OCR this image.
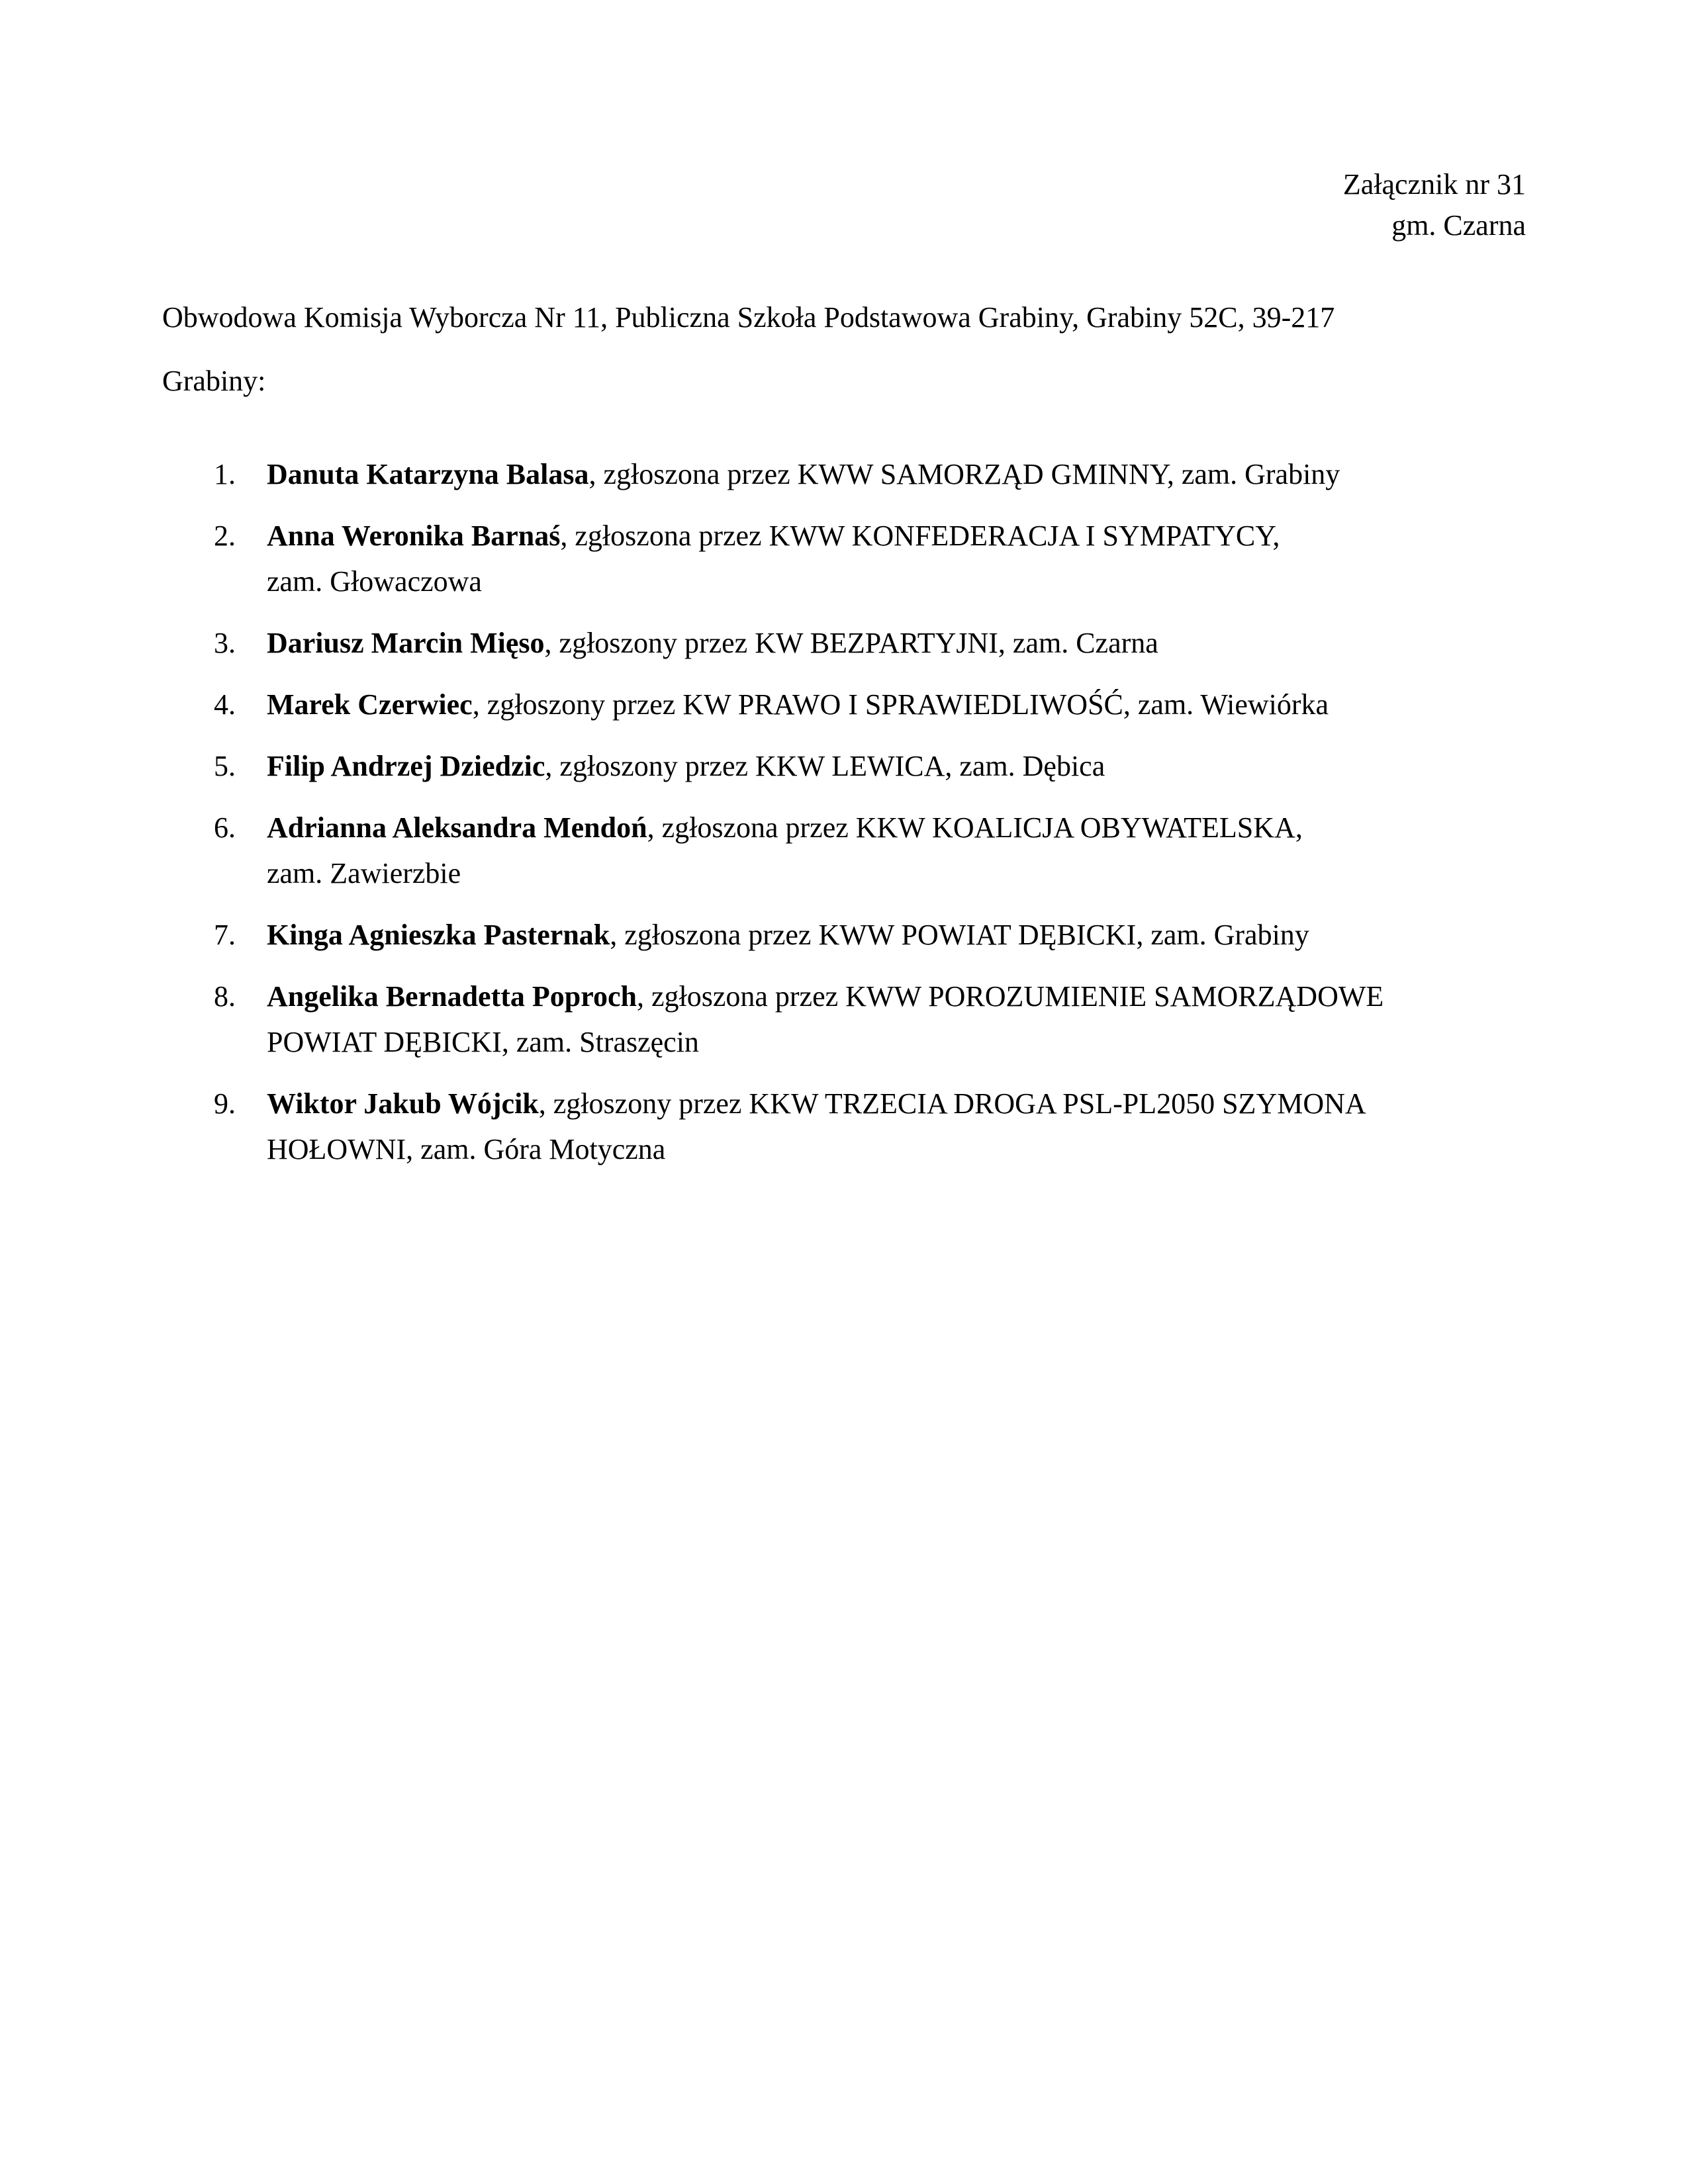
Załącznik nr 31
gm. Czarna
Obwodowa Komisja Wyborcza Nr 11, Publiczna Szkoła Podstawowa Grabiny, Grabiny 52C, 39-217
Grabiny:
1. Danuta Katarzyna Balasa, zgłoszona przez KWW SAMORZĄD GMINNY, zam. Grabiny
2. Anna Weronika Barnaś, zgłoszona przez KWW KONFEDERACJA I SYMPATYCY,
zam. Głowaczowa
3. Dariusz Marcin Mięso, zgłoszony przez KW BEZPARTYJNI, zam. Czarna
4. Marek Czerwiec, zgłoszony przez KW PRAWO I SPRAWIEDLIWOŚĆ, zam. Wiewiórka
5. Filip Andrzej Dziedzic, zgłoszony przez KKW LEWICA, zam. Dębica
6. Adrianna Aleksandra Mendoń, zgłoszona przez KKW KOALICJA OBYWATELSKA,
zam. Zawierzbie
7. Kinga Agnieszka Pasternak, zgłoszona przez KWW POWIAT DĘBICKI, zam. Grabiny
8. Angelika Bernadetta Poproch, zgłoszona przez KWW POROZUMIENIE SAMORZĄDOWE
POWIAT DĘBICKI, zam. Straszęcin
9. Wiktor Jakub Wójcik, zgłoszony przez KKW TRZECIA DROGA PSL-PL2050 SZYMONA
HOŁOWNI, zam. Góra Motyczna
